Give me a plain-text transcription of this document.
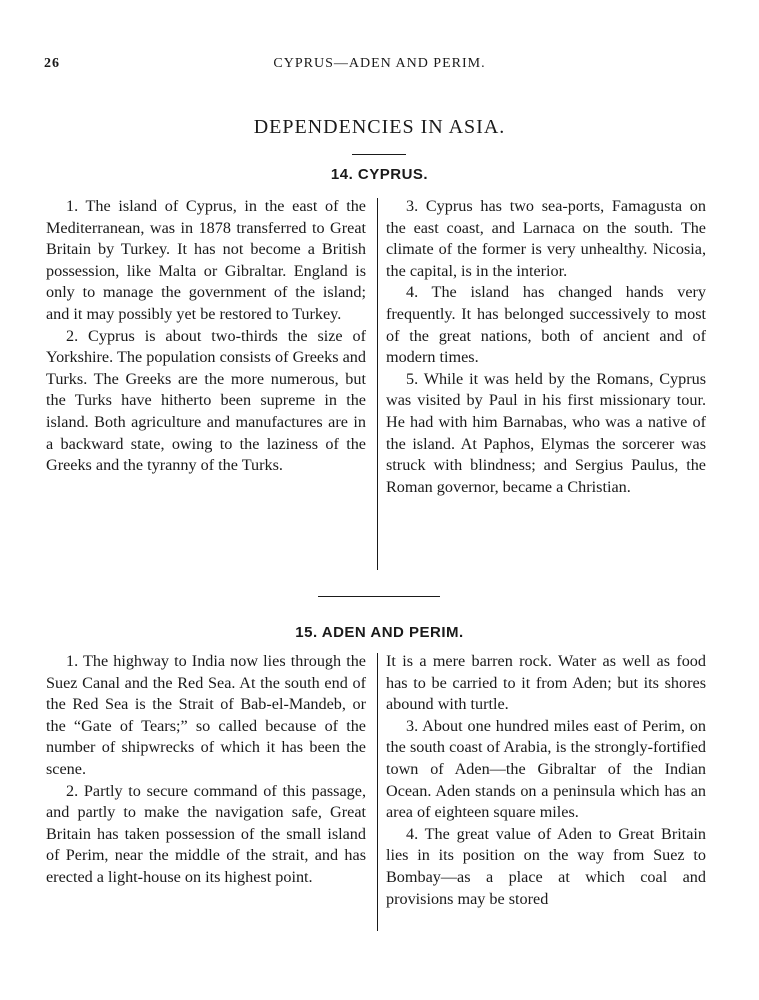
26	CYPRUS—ADEN AND PERIM.
DEPENDENCIES IN ASIA.
14. CYPRUS.

1. The island of Cyprus, in the east of the Mediterranean, was in 1878 transferred to Great Britain by Turkey. It has not become a British possession, like Malta or Gibraltar. England is only to manage the government of the island; and it may possibly yet be restored to Turkey.

2. Cyprus is about two-thirds the size of Yorkshire. The population consists of Greeks and Turks. The Greeks are the more numerous, but the Turks have hitherto been supreme in the island. Both agriculture and manufactures are in a backward state, owing to the laziness of the Greeks and the tyranny of the Turks.

3. Cyprus has two sea-ports, Famagusta on the east coast, and Larnaca on the south. The climate of the former is very unhealthy. Nicosia, the capital, is in the interior.

4. The island has changed hands very frequently. It has belonged successively to most of the great nations, both of ancient and of modern times.

5. While it was held by the Romans, Cyprus was visited by Paul in his first missionary tour. He had with him Barnabas, who was a native of the island. At Paphos, Elymas the sorcerer was struck with blindness; and Sergius Paulus, the Roman governor, became a Christian.

15. ADEN AND PERIM.

1. The highway to India now lies through the Suez Canal and the Red Sea. At the south end of the Red Sea is the Strait of Bab-el-Mandeb, or the “Gate of Tears;” so called because of the number of shipwrecks of which it has been the scene.

2. Partly to secure command of this passage, and partly to make the navigation safe, Great Britain has taken possession of the small island of Perim, near the middle of the strait, and has erected a light-house on its highest point.

It is a mere barren rock. Water as well as food has to be carried to it from Aden; but its shores abound with turtle.

3. About one hundred miles east of Perim, on the south coast of Arabia, is the strongly-fortified town of Aden—the Gibraltar of the Indian Ocean. Aden stands on a peninsula which has an area of eighteen square miles.

4. The great value of Aden to Great Britain lies in its position on the way from Suez to Bombay—as a place at which coal and provisions may be stored
